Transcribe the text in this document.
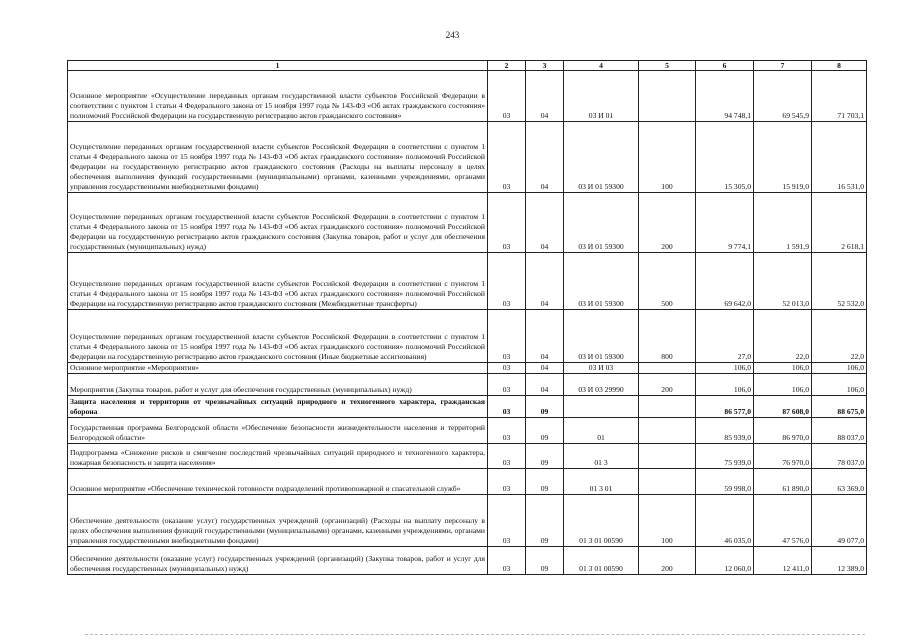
243
1	2	3	4	5	6	7	8
Основное мероприятие «Осуществление переданных органам государственной власти субъектов Российской Федерации в соответствии с пунктом 1 статьи 4 Федерального закона от 15 ноября 1997 года № 143-ФЗ «Об актах гражданского состояния» полномочий Российской Федерации на государственную регистрацию актов гражданского состояния»	03	04	03 И 01		94 748,1	69 545,9	71 703,1
Осуществление переданных органам государственной власти субъектов Российской Федерации в соответствии с пунктом 1 статьи 4 Федерального закона от 15 ноября 1997 года № 143-ФЗ «Об актах гражданского состояния» полномочий Российской Федерации на государственную регистрацию актов гражданского состояния (Расходы на выплаты персоналу в целях обеспечения выполнения функций государственными (муниципальными) органами, казенными учреждениями, органами управления государственными внебюджетными фондами)	03	04	03 И 01 59300	100	15 305,0	15 919,0	16 531,0
Осуществление переданных органам государственной власти субъектов Российской Федерации в соответствии с пунктом 1 статьи 4 Федерального закона от 15 ноября 1997 года № 143-ФЗ «Об актах гражданского состояния» полномочий Российской Федерации на государственную регистрацию актов гражданского состояния (Закупка товаров, работ и услуг для обеспечения государственных (муниципальных) нужд)	03	04	03 И 01 59300	200	9 774,1	1 591,9	2 618,1
Осуществление переданных органам государственной власти субъектов Российской Федерации в соответствии с пунктом 1 статьи 4 Федерального закона от 15 ноября 1997 года № 143-ФЗ «Об актах гражданского состояния» полномочий Российской Федерации на государственную регистрацию актов гражданского состояния (Межбюджетные трансферты)	03	04	03 И 01 59300	500	69 642,0	52 013,0	52 532,0
Осуществление переданных органам государственной власти субъектов Российской Федерации в соответствии с пунктом 1 статьи 4 Федерального закона от 15 ноября 1997 года № 143-ФЗ «Об актах гражданского состояния» полномочий Российской Федерации на государственную регистрацию актов гражданского состояния (Иные бюджетные ассигнования)	03	04	03 И 01 59300	800	27,0	22,0	22,0
Основное мероприятие «Мероприятия»	03	04	03 И 03		106,0	106,0	106,0
Мероприятия (Закупка товаров, работ и услуг для обеспечения государственных (муниципальных) нужд)	03	04	03 И 03 29990	200	106,0	106,0	106,0
Защита населения и территории от чрезвычайных ситуаций природного и техногенного характера, гражданская оборона	03	09			86 577,0	87 608,0	88 675,0
Государственная программа Белгородской области «Обеспечение безопасности жизнедеятельности населения и территорий Белгородской области»	03	09	01		85 939,0	86 970,0	88 037,0
Подпрограмма «Снижение рисков и смягчение последствий чрезвычайных ситуаций природного и техногенного характера, пожарная безопасность и защита населения»	03	09	01 3		75 939,0	76 970,0	78 037,0
Основное мероприятие «Обеспечение технической готовности подразделений противопожарной и спасательной служб»	03	09	01 3 01		59 998,0	61 890,0	63 369,0
Обеспечение деятельности (оказание услуг) государственных учреждений (организаций) (Расходы на выплату персоналу в целях обеспечения выполнения функций государственными (муниципальными) органами, казенными учреждениями, органами управления государственными внебюджетными фондами)	03	09	01 3 01 00590	100	46 035,0	47 576,0	49 077,0
Обеспечение деятельности (оказание услуг) государственных учреждений (организаций) (Закупка товаров, работ и услуг для обеспечения государственных (муниципальных) нужд)	03	09	01 3 01 00590	200	12 060,0	12 411,0	12 389,0
